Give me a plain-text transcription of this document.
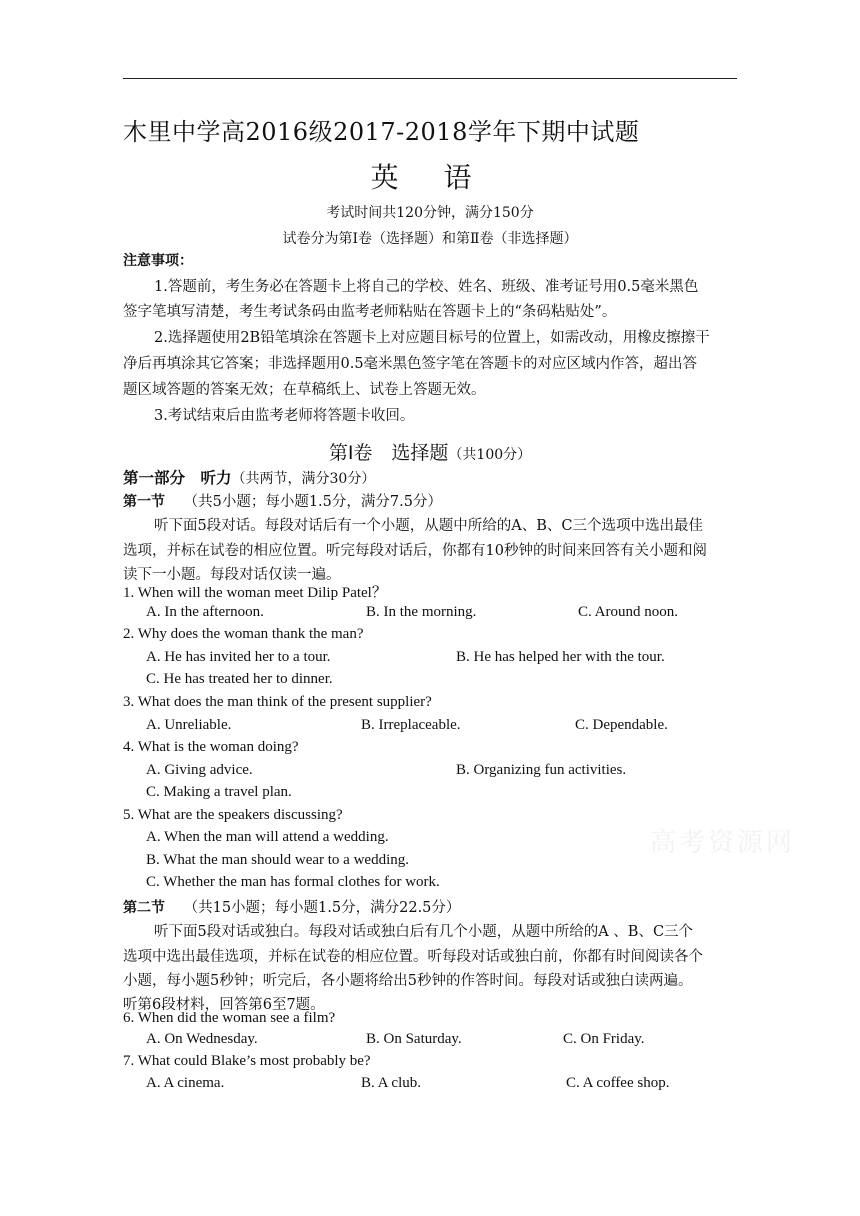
木里中学高2016级2017-2018学年下期中试题
英 语
考试时间共120分钟，满分150分
试卷分为第Ⅰ卷（选择题）和第Ⅱ卷（非选择题）
注意事项：
1.答题前，考生务必在答题卡上将自己的学校、姓名、班级、准考证号用0.5毫米黑色
签字笔填写清楚，考生考试条码由监考老师粘贴在答题卡上的“条码粘贴处”。
2.选择题使用2B铅笔填涂在答题卡上对应题目标号的位置上，如需改动，用橡皮擦擦干
净后再填涂其它答案；非选择题用0.5毫米黑色签字笔在答题卡的对应区域内作答，超出答
题区域答题的答案无效；在草稿纸上、试卷上答题无效。
3.考试结束后由监考老师将答题卡收回。
第Ⅰ卷　选择题（共100分）
第一部分　听力（共两节，满分30分）
第一节 （共5小题；每小题1.5分，满分7.5分）
听下面5段对话。每段对话后有一个小题，从题中所给的A、B、C三个选项中选出最佳
选项，并标在试卷的相应位置。听完每段对话后，你都有10秒钟的时间来回答有关小题和阅
读下一小题。每段对话仅读一遍。
1. When will the woman meet Dilip Patel？
A. In the afternoon.	B. In the morning.	C. Around noon.
2. Why does the woman thank the man?
A. He has invited her to a tour.	B. He has helped her with the tour.
C. He has treated her to dinner.
3. What does the man think of the present supplier?
A. Unreliable.	B. Irreplaceable.	C. Dependable.
4. What is the woman doing?
A. Giving advice.	B. Organizing fun activities.
C. Making a travel plan.
5. What are the speakers discussing?
A. When the man will attend a wedding.
B. What the man should wear to a wedding.
C. Whether the man has formal clothes for work.
高考资源网
第二节 （共15小题；每小题1.5分，满分22.5分）
听下面5段对话或独白。每段对话或独白后有几个小题，从题中所给的A 、B、C三个
选项中选出最佳选项，并标在试卷的相应位置。听每段对话或独白前，你都有时间阅读各个
小题，每小题5秒钟；听完后，各小题将给出5秒钟的作答时间。每段对话或独白读两遍。
听第6段材料，回答第6至7题。
6. When did the woman see a film?
A. On Wednesday.	B. On Saturday.	C. On Friday.
7. What could Blake’s most probably be?
A. A cinema.	B. A club.	C. A coffee shop.
